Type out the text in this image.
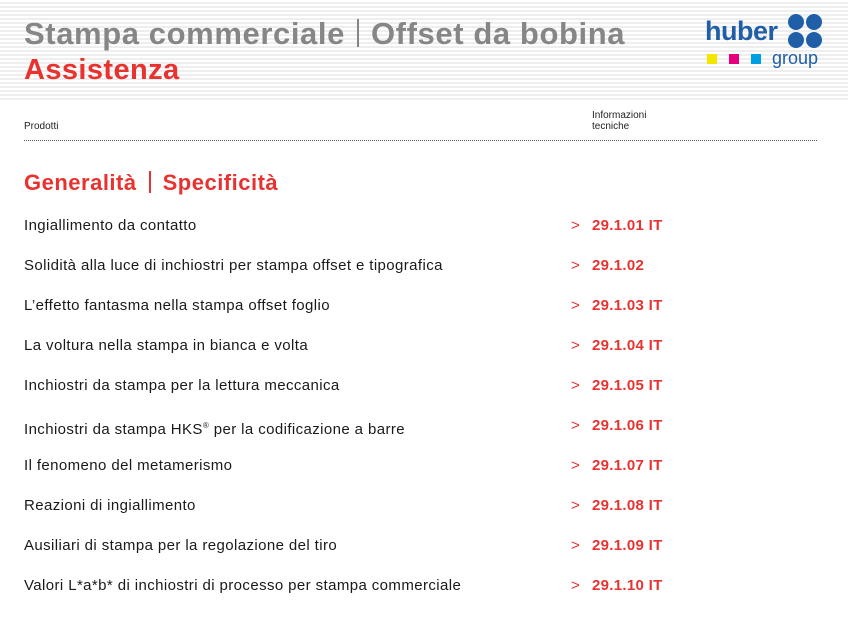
Stampa commerciale Offset da bobina
Assistenza
huber
group
Prodotti
Informazioni
tecniche
Generalità Specificità
Ingiallimento da contatto	> 29.1.01 IT
Solidità alla luce di inchiostri per stampa offset e tipografica	> 29.1.02
L’effetto fantasma nella stampa offset foglio	> 29.1.03 IT
La voltura nella stampa in bianca e volta	> 29.1.04 IT
Inchiostri da stampa per la lettura meccanica	> 29.1.05 IT
Inchiostri da stampa HKS® per la codificazione a barre	> 29.1.06 IT
Il fenomeno del metamerismo	> 29.1.07 IT
Reazioni di ingiallimento	> 29.1.08 IT
Ausiliari di stampa per la regolazione del tiro	> 29.1.09 IT
Valori L*a*b* di inchiostri di processo per stampa commerciale	> 29.1.10 IT
